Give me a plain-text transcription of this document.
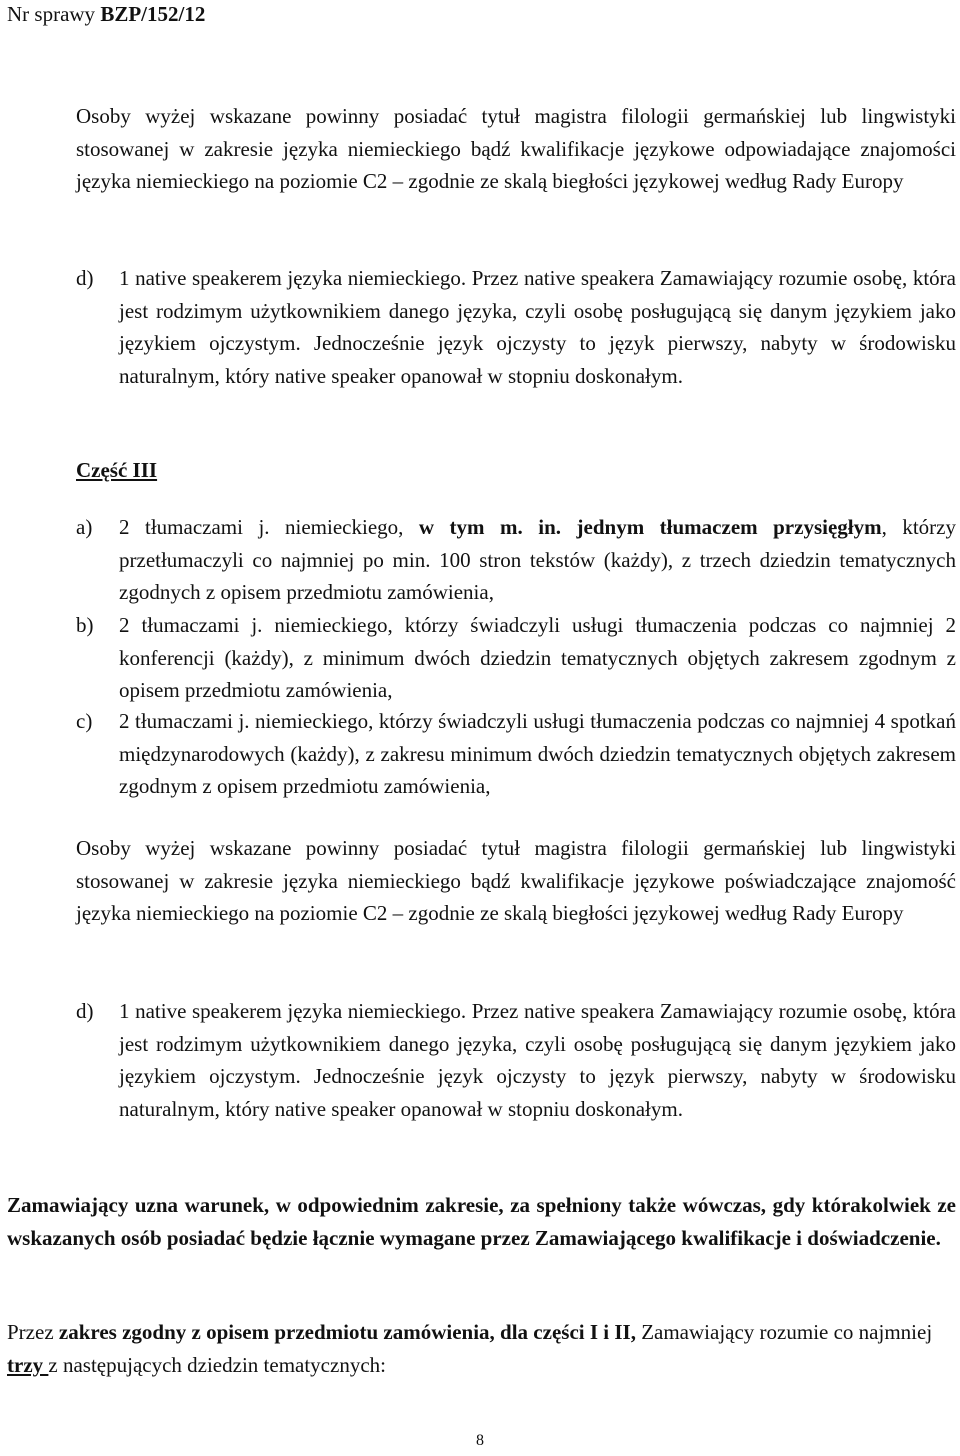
Nr sprawy BZP/152/12

Osoby wyżej wskazane powinny posiadać tytuł magistra filologii germańskiej lub lingwistyki stosowanej w zakresie języka niemieckiego bądź kwalifikacje językowe odpowiadające znajomości języka niemieckiego na poziomie C2 – zgodnie ze skalą biegłości językowej według Rady Europy

d) 1 native speakerem języka niemieckiego. Przez native speakera Zamawiający rozumie osobę, która jest rodzimym użytkownikiem danego języka, czyli osobę posługującą się danym językiem jako językiem ojczystym. Jednocześnie język ojczysty to język pierwszy, nabyty w środowisku naturalnym, który native speaker opanował w stopniu doskonałym.
Część III
a) 2 tłumaczami j. niemieckiego, w tym m. in. jednym tłumaczem przysięgłym, którzy przetłumaczyli co najmniej po min. 100 stron tekstów (każdy), z trzech dziedzin tematycznych zgodnych z opisem przedmiotu zamówienia,
b) 2 tłumaczami j. niemieckiego, którzy świadczyli usługi tłumaczenia podczas co najmniej 2 konferencji (każdy), z minimum dwóch dziedzin tematycznych objętych zakresem zgodnym z opisem przedmiotu zamówienia,
c) 2 tłumaczami j. niemieckiego, którzy świadczyli usługi tłumaczenia podczas co najmniej 4 spotkań międzynarodowych (każdy), z zakresu minimum dwóch dziedzin tematycznych objętych zakresem zgodnym z opisem przedmiotu zamówienia,

Osoby wyżej wskazane powinny posiadać tytuł magistra filologii germańskiej lub lingwistyki stosowanej w zakresie języka niemieckiego bądź kwalifikacje językowe poświadczające znajomość języka niemieckiego na poziomie C2 – zgodnie ze skalą biegłości językowej według Rady Europy

d) 1 native speakerem języka niemieckiego. Przez native speakera Zamawiający rozumie osobę, która jest rodzimym użytkownikiem danego języka, czyli osobę posługującą się danym językiem jako językiem ojczystym. Jednocześnie język ojczysty to język pierwszy, nabyty w środowisku naturalnym, który native speaker opanował w stopniu doskonałym.

Zamawiający uzna warunek, w odpowiednim zakresie, za spełniony także wówczas, gdy którakolwiek ze wskazanych osób posiadać będzie łącznie wymagane przez Zamawiającego kwalifikacje i doświadczenie.

Przez zakres zgodny z opisem przedmiotu zamówienia, dla części I i II, Zamawiający rozumie co najmniej trzy z następujących dziedzin tematycznych:

8
